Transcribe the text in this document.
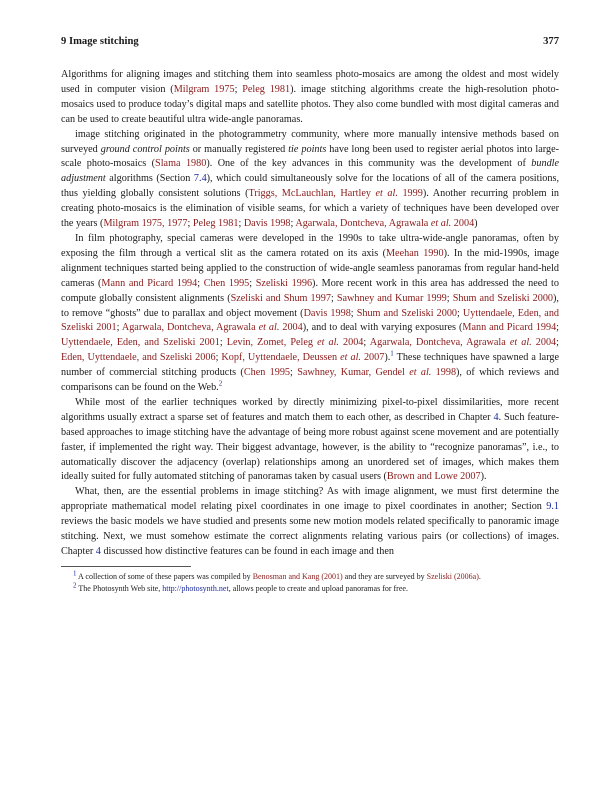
9 Image stitching	377

Algorithms for aligning images and stitching them into seamless photo-mosaics are among the oldest and most widely used in computer vision (Milgram 1975; Peleg 1981). image stitching algorithms create the high-resolution photo-mosaics used to produce today’s digital maps and satellite photos. They also come bundled with most digital cameras and can be used to create beautiful ultra wide-angle panoramas.

image stitching originated in the photogrammetry community, where more manually intensive methods based on surveyed ground control points or manually registered tie points have long been used to register aerial photos into large-scale photo-mosaics (Slama 1980). One of the key advances in this community was the development of bundle adjustment algorithms (Section 7.4), which could simultaneously solve for the locations of all of the camera positions, thus yielding globally consistent solutions (Triggs, McLauchlan, Hartley et al. 1999). Another recurring problem in creating photo-mosaics is the elimination of visible seams, for which a variety of techniques have been developed over the years (Milgram 1975, 1977; Peleg 1981; Davis 1998; Agarwala, Dontcheva, Agrawala et al. 2004)

In film photography, special cameras were developed in the 1990s to take ultra-wide-angle panoramas, often by exposing the film through a vertical slit as the camera rotated on its axis (Meehan 1990). In the mid-1990s, image alignment techniques started being applied to the construction of wide-angle seamless panoramas from regular hand-held cameras (Mann and Picard 1994; Chen 1995; Szeliski 1996). More recent work in this area has addressed the need to compute globally consistent alignments (Szeliski and Shum 1997; Sawhney and Kumar 1999; Shum and Szeliski 2000), to remove “ghosts” due to parallax and object movement (Davis 1998; Shum and Szeliski 2000; Uyttendaele, Eden, and Szeliski 2001; Agarwala, Dontcheva, Agrawala et al. 2004), and to deal with varying exposures (Mann and Picard 1994; Uyttendaele, Eden, and Szeliski 2001; Levin, Zomet, Peleg et al. 2004; Agarwala, Dontcheva, Agrawala et al. 2004; Eden, Uyttendaele, and Szeliski 2006; Kopf, Uyttendaele, Deussen et al. 2007).$^1$ These techniques have spawned a large number of commercial stitching products (Chen 1995; Sawhney, Kumar, Gendel et al. 1998), of which reviews and comparisons can be found on the Web.$^2$

While most of the earlier techniques worked by directly minimizing pixel-to-pixel dissimilarities, more recent algorithms usually extract a sparse set of features and match them to each other, as described in Chapter 4. Such feature-based approaches to image stitching have the advantage of being more robust against scene movement and are potentially faster, if implemented the right way. Their biggest advantage, however, is the ability to “recognize panoramas”, i.e., to automatically discover the adjacency (overlap) relationships among an unordered set of images, which makes them ideally suited for fully automated stitching of panoramas taken by casual users (Brown and Lowe 2007).

What, then, are the essential problems in image stitching? As with image alignment, we must first determine the appropriate mathematical model relating pixel coordinates in one image to pixel coordinates in another; Section 9.1 reviews the basic models we have studied and presents some new motion models related specifically to panoramic image stitching. Next, we must somehow estimate the correct alignments relating various pairs (or collections) of images. Chapter 4 discussed how distinctive features can be found in each image and then

$^1$ A collection of some of these papers was compiled by Benosman and Kang (2001) and they are surveyed by Szeliski (2006a).

$^2$ The Photosynth Web site, http://photosynth.net, allows people to create and upload panoramas for free.
